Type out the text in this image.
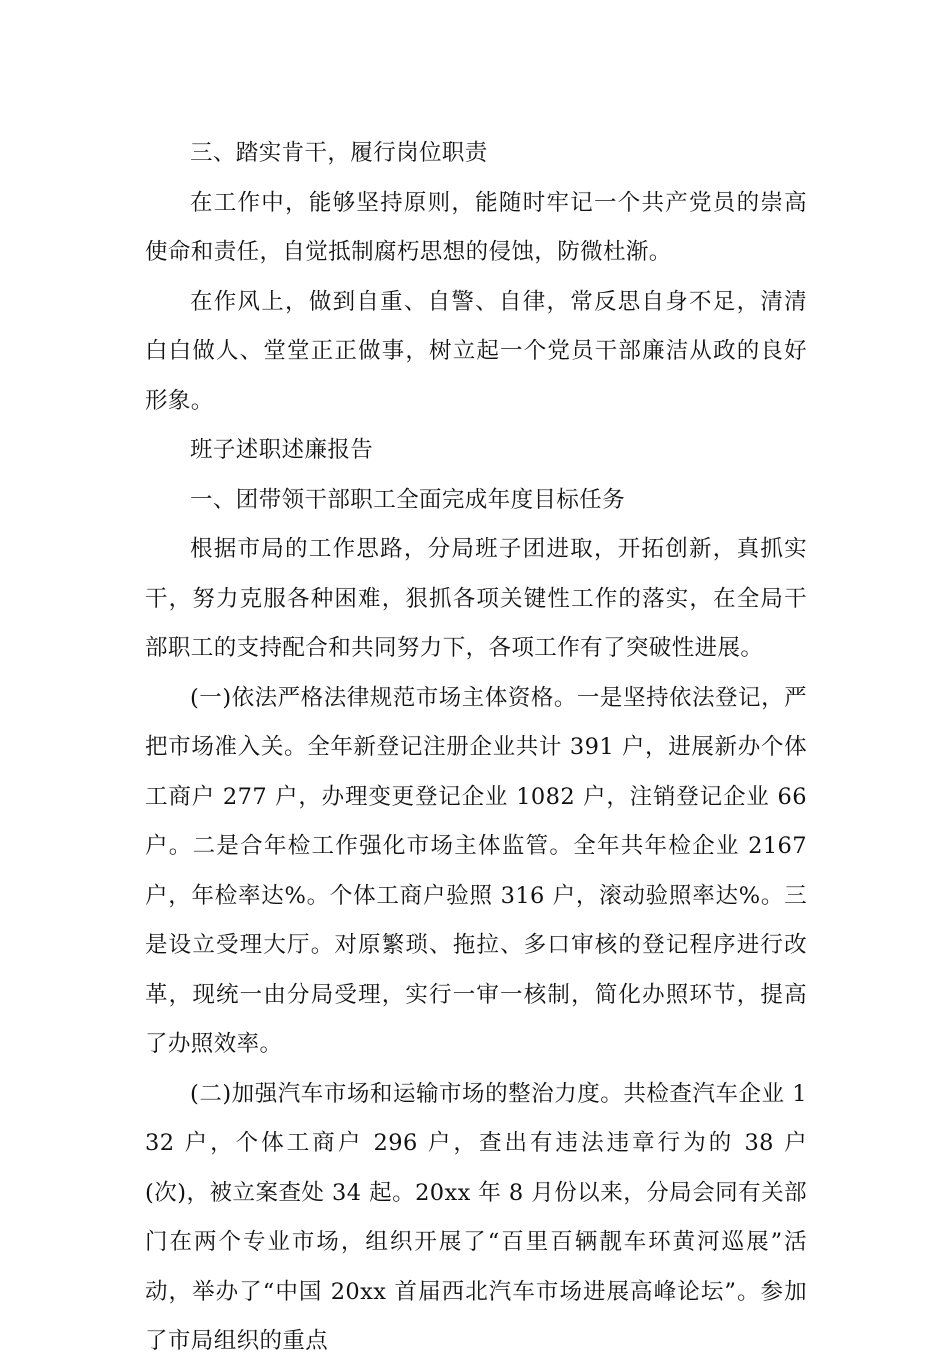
三、踏实肯干，履行岗位职责

在工作中，能够坚持原则，能随时牢记一个共产党员的崇高使命和责任，自觉抵制腐朽思想的侵蚀，防微杜渐。

在作风上，做到自重、自警、自律，常反思自身不足，清清白白做人、堂堂正正做事，树立起一个党员干部廉洁从政的良好形象。

班子述职述廉报告

一、团带领干部职工全面完成年度目标任务

根据市局的工作思路，分局班子团进取，开拓创新，真抓实干，努力克服各种困难，狠抓各项关键性工作的落实，在全局干部职工的支持配合和共同努力下，各项工作有了突破性进展。

(一)依法严格法律规范市场主体资格。一是坚持依法登记，严把市场准入关。全年新登记注册企业共计 391 户，进展新办个体工商户 277 户，办理变更登记企业 1082 户，注销登记企业 66 户。二是合年检工作强化市场主体监管。全年共年检企业 2167 户，年检率达%。个体工商户验照 316 户，滚动验照率达%。三是设立受理大厅。对原繁琐、拖拉、多口审核的登记程序进行改革，现统一由分局受理，实行一审一核制，简化办照环节，提高了办照效率。

(二)加强汽车市场和运输市场的整治力度。共检查汽车企业 132 户，个体工商户 296 户，查出有违法违章行为的 38 户(次)，被立案查处 34 起。20xx 年 8 月份以来，分局会同有关部门在两个专业市场，组织开展了“百里百辆靓车环黄河巡展”活动，举办了“中国 20xx 首届西北汽车市场进展高峰论坛”。参加了市局组织的重点
